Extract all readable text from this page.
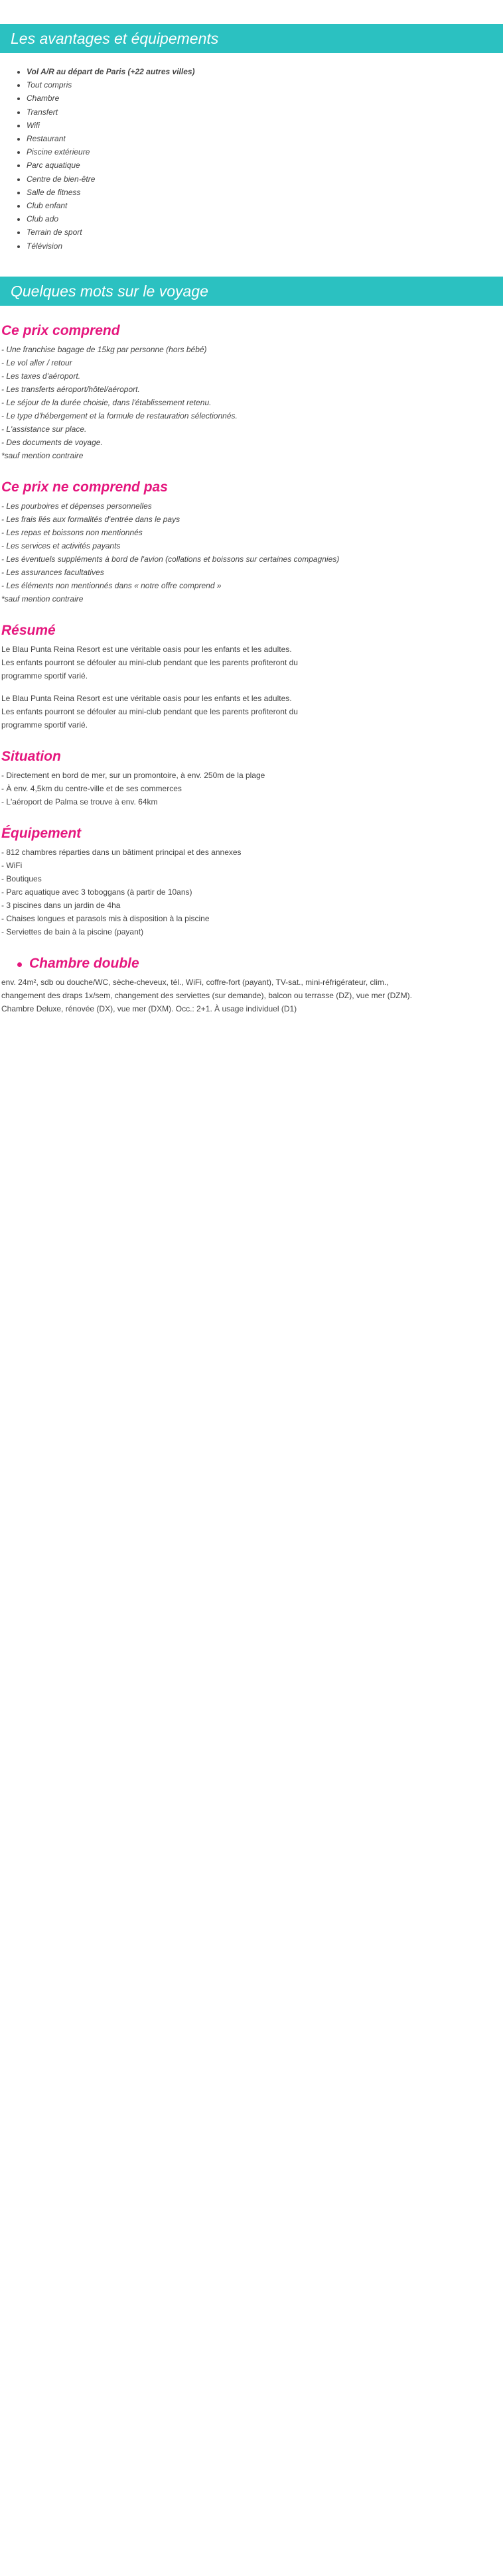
Les avantages et équipements
• Vol A/R au départ de Paris (+22 autres villes)
• Tout compris
• Chambre
• Transfert
• Wifi
• Restaurant
• Piscine extérieure
• Parc aquatique
• Centre de bien-être
• Salle de fitness
• Club enfant
• Club ado
• Terrain de sport
• Télévision
Quelques mots sur le voyage
Ce prix comprend
- Une franchise bagage de 15kg par personne (hors bébé)
- Le vol aller / retour
- Les taxes d'aéroport.
- Les transferts aéroport/hôtel/aéroport.
- Le séjour de la durée choisie, dans l'établissement retenu.
- Le type d'hébergement et la formule de restauration sélectionnés.
- L'assistance sur place.
- Des documents de voyage.
*sauf mention contraire
Ce prix ne comprend pas
- Les pourboires et dépenses personnelles
- Les frais liés aux formalités d'entrée dans le pays
- Les repas et boissons non mentionnés
- Les services et activités payants
- Les éventuels suppléments à bord de l'avion (collations et boissons sur certaines compagnies)
- Les assurances facultatives
- Les éléments non mentionnés dans « notre offre comprend »
*sauf mention contraire
Résumé
Le Blau Punta Reina Resort est une véritable oasis pour les enfants et les adultes.
Les enfants pourront se défouler au mini-club pendant que les parents profiteront du
programme sportif varié.
Le Blau Punta Reina Resort est une véritable oasis pour les enfants et les adultes.
Les enfants pourront se défouler au mini-club pendant que les parents profiteront du
programme sportif varié.
Situation
- Directement en bord de mer, sur un promontoire, à env. 250m de la plage
- À env. 4,5km du centre-ville et de ses commerces
- L'aéroport de Palma se trouve à env. 64km
Équipement
- 812 chambres réparties dans un bâtiment principal et des annexes
- WiFi
- Boutiques
- Parc aquatique avec 3 toboggans (à partir de 10ans)
- 3 piscines dans un jardin de 4ha
- Chaises longues et parasols mis à disposition à la piscine
- Serviettes de bain à la piscine (payant)
Chambre double
env. 24m², sdb ou douche/WC, sèche-cheveux, tél., WiFi, coffre-fort (payant), TV-sat., mini-réfrigérateur, clim.,
changement des draps 1x/sem, changement des serviettes (sur demande), balcon ou terrasse (DZ), vue mer (DZM).
Chambre Deluxe, rénovée (DX), vue mer (DXM). Occ.: 2+1. À usage individuel (D1)
